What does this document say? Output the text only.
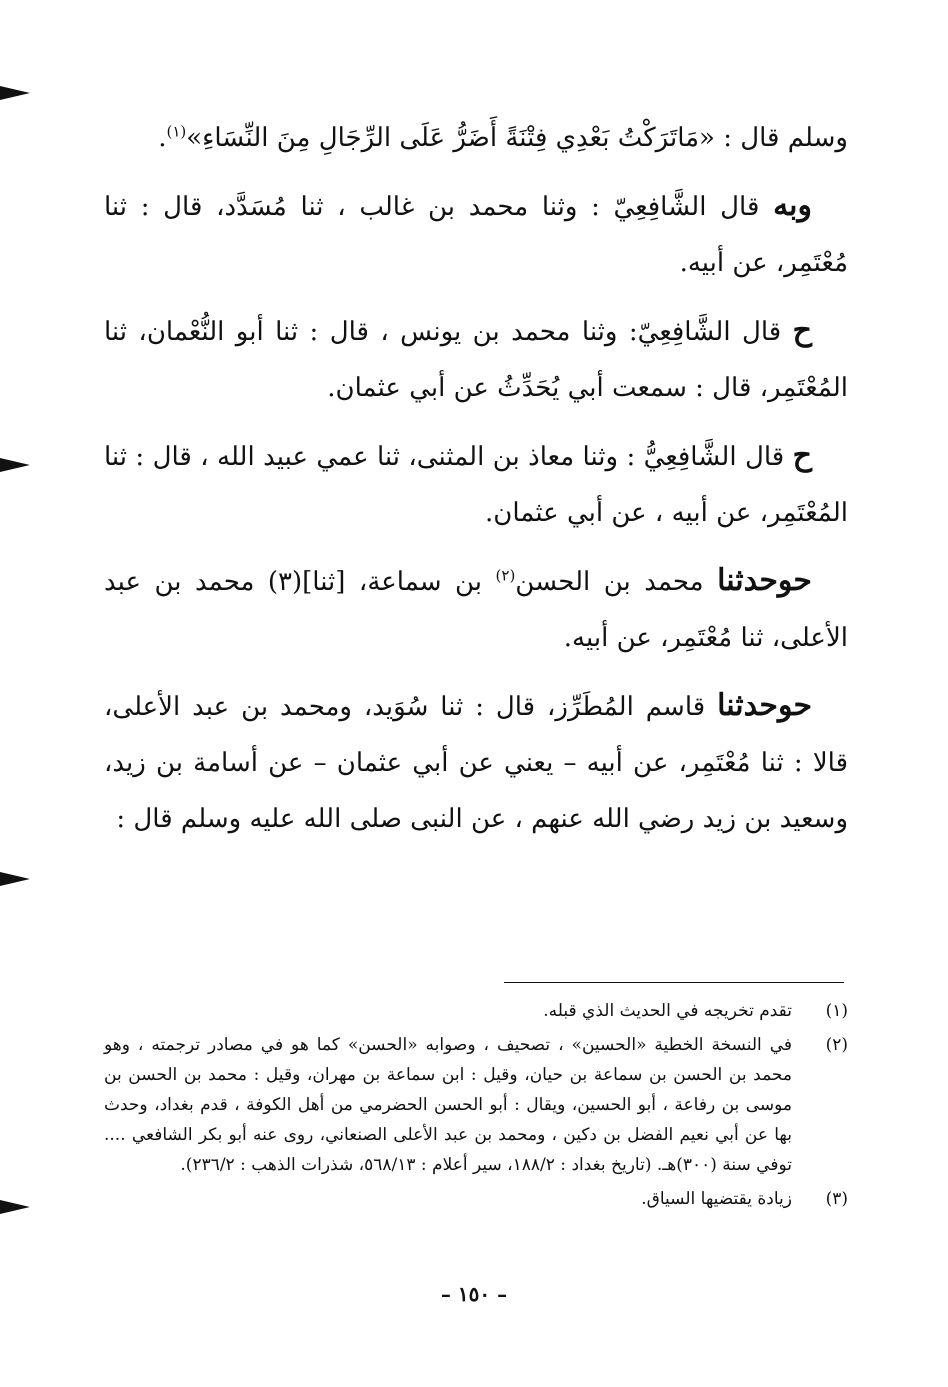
وسلم قال : «مَاتَرَكْتُ بَعْدِي فِتْنَةً أَضَرُّ عَلَى الرِّجَالِ مِنَ النِّسَاءِ»$^{(١)}$.

وبه قال الشَّافِعِيّ : وثنا محمد بن غالب ، ثنا مُسَدَّد، قال : ثنا مُعْتَمِر، عن أبيه.

ح قال الشَّافِعِيّ: وثنا محمد بن يونس ، قال : ثنا أبو النُّعْمان، ثنا المُعْتَمِر، قال : سمعت أبي يُحَدِّثُ عن أبي عثمان.

ح قال الشَّافِعِيُّ : وثنا معاذ بن المثنى، ثنا عمي عبيد الله ، قال : ثنا المُعْتَمِر، عن أبيه ، عن أبي عثمان.

حوحدثنا محمد بن الحسن$^{(٢)}$ بن سماعة، [ثنا](٣) محمد بن عبد الأعلى، ثنا مُعْتَمِر، عن أبيه.

حوحدثنا قاسم المُطَرِّز، قال : ثنا سُوَيد، ومحمد بن عبد الأعلى، قالا : ثنا مُعْتَمِر، عن أبيه – يعني عن أبي عثمان – عن أسامة بن زيد، وسعيد بن زيد رضي الله عنهم ، عن النبى صلى الله عليه وسلم قال :

(١)
تقدم تخريجه في الحديث الذي قبله.
(٢)
في النسخة الخطية «الحسين» ، تصحيف ، وصوابه «الحسن» كما هو في مصادر ترجمته ، وهو محمد بن الحسن بن سماعة بن حيان، وقيل : ابن سماعة بن مهران، وقيل : محمد بن الحسن بن موسى بن رفاعة ، أبو الحسين، ويقال : أبو الحسن الحضرمي من أهل الكوفة ، قدم بغداد، وحدث بها عن أبي نعيم الفضل بن دكين ، ومحمد بن عبد الأعلى الصنعاني، روى عنه أبو بكر الشافعي .... توفي سنة (٣٠٠)هـ. (تاريخ بغداد : ١٨٨/٢، سير أعلام : ٥٦٨/١٣، شذرات الذهب : ٢٣٦/٢).
(٣)
زيادة يقتضيها السياق.
– ١٥٠ –
